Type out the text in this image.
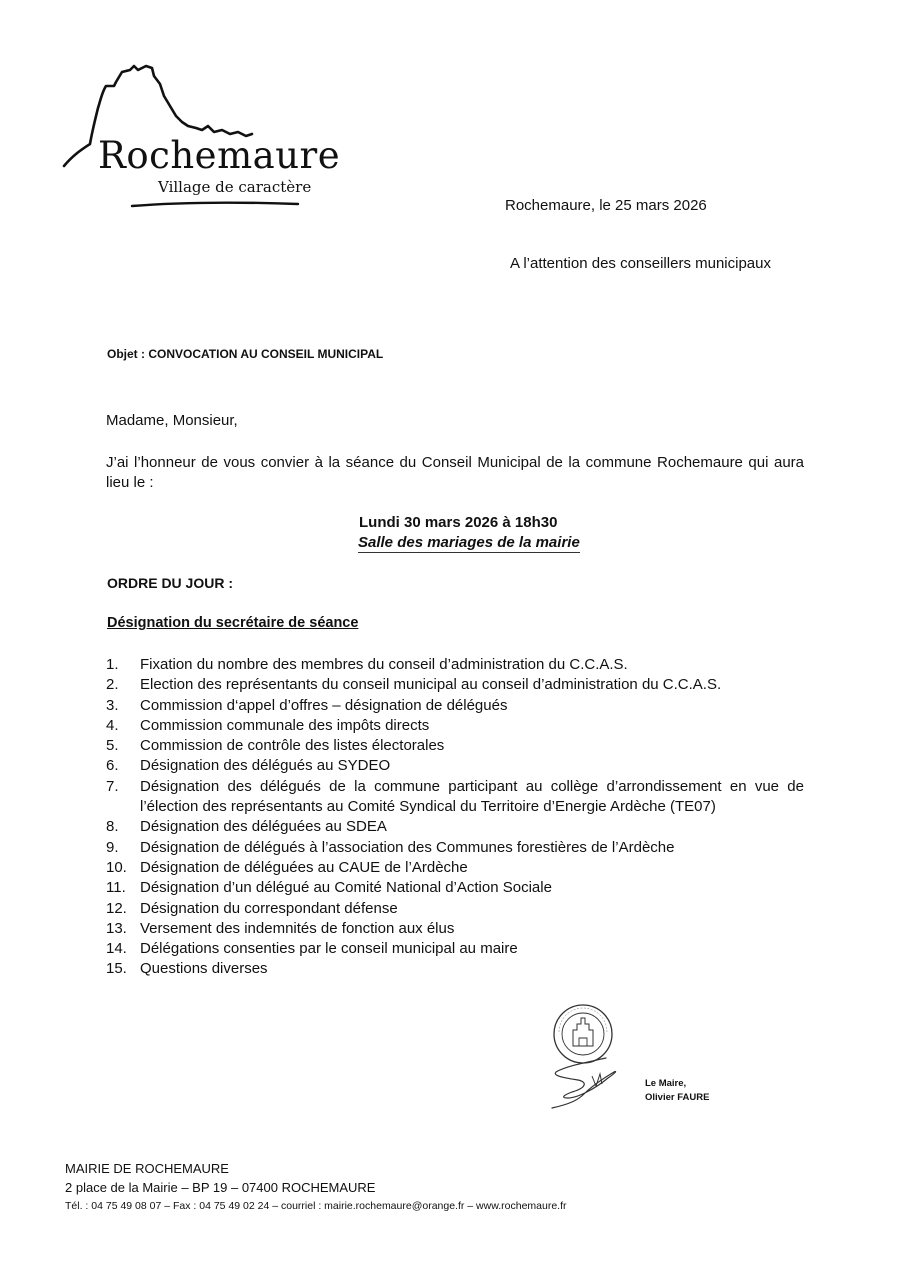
Rochemaure
Village de caractère
Rochemaure, le 25 mars 2026
A l’attention des conseillers municipaux
Objet : CONVOCATION AU CONSEIL MUNICIPAL
Madame, Monsieur,
J’ai l’honneur de vous convier à la séance du Conseil Municipal de la commune Rochemaure qui aura lieu le :
Lundi 30 mars 2026 à 18h30
Salle des mariages de la mairie
ORDRE DU JOUR :
Désignation du secrétaire de séance
1. Fixation du nombre des membres du conseil d’administration du C.C.A.S.
2. Election des représentants du conseil municipal au conseil d’administration du C.C.A.S.
3. Commission d‘appel d’offres – désignation de délégués
4. Commission communale des impôts directs
5. Commission de contrôle des listes électorales
6. Désignation des délégués au SYDEO
7. Désignation des délégués de la commune participant au collège d’arrondissement en vue de l’élection des représentants au Comité Syndical du Territoire d’Energie Ardèche (TE07)
8. Désignation des déléguées au SDEA
9. Désignation de délégués à l’association des Communes forestières de l’Ardèche
10. Désignation de déléguées au CAUE de l’Ardèche
11. Désignation d’un délégué au Comité National d’Action Sociale
12. Désignation du correspondant défense
13. Versement des indemnités de fonction aux élus
14. Délégations consenties par le conseil municipal au maire
15. Questions diverses
Le Maire,
Olivier FAURE
MAIRIE DE ROCHEMAURE
2 place de la Mairie – BP 19 – 07400 ROCHEMAURE
Tél. : 04 75 49 08 07 – Fax : 04 75 49 02 24 – courriel : mairie.rochemaure@orange.fr – www.rochemaure.fr
